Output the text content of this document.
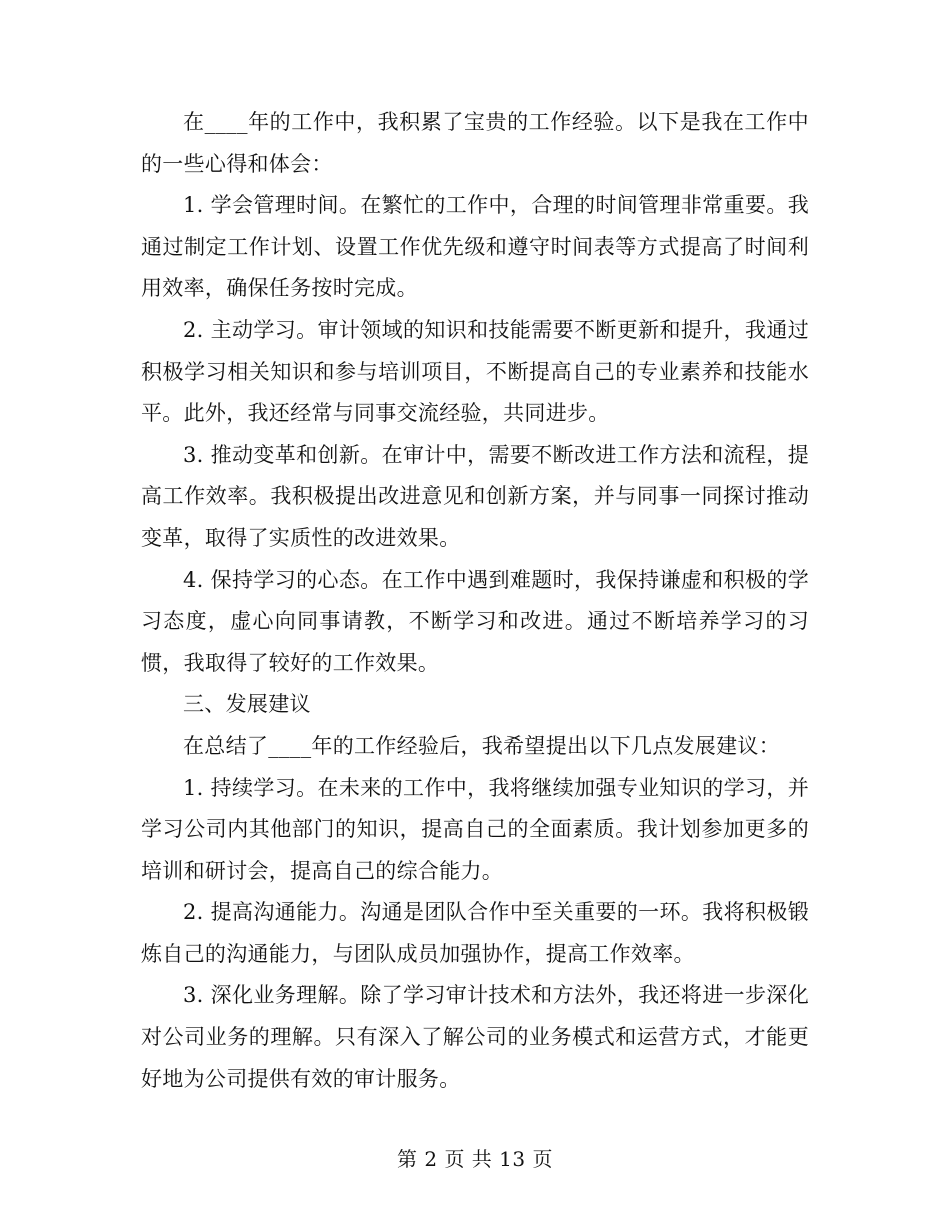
在____年的工作中，我积累了宝贵的工作经验。以下是我在工作中的一些心得和体会：

1. 学会管理时间。在繁忙的工作中，合理的时间管理非常重要。我通过制定工作计划、设置工作优先级和遵守时间表等方式提高了时间利用效率，确保任务按时完成。

2. 主动学习。审计领域的知识和技能需要不断更新和提升，我通过积极学习相关知识和参与培训项目，不断提高自己的专业素养和技能水平。此外，我还经常与同事交流经验，共同进步。

3. 推动变革和创新。在审计中，需要不断改进工作方法和流程，提高工作效率。我积极提出改进意见和创新方案，并与同事一同探讨推动变革，取得了实质性的改进效果。

4. 保持学习的心态。在工作中遇到难题时，我保持谦虚和积极的学习态度，虚心向同事请教，不断学习和改进。通过不断培养学习的习惯，我取得了较好的工作效果。

三、发展建议

在总结了____年的工作经验后，我希望提出以下几点发展建议：

1. 持续学习。在未来的工作中，我将继续加强专业知识的学习，并学习公司内其他部门的知识，提高自己的全面素质。我计划参加更多的培训和研讨会，提高自己的综合能力。

2. 提高沟通能力。沟通是团队合作中至关重要的一环。我将积极锻炼自己的沟通能力，与团队成员加强协作，提高工作效率。

3. 深化业务理解。除了学习审计技术和方法外，我还将进一步深化对公司业务的理解。只有深入了解公司的业务模式和运营方式，才能更好地为公司提供有效的审计服务。

第 2 页 共 13 页
